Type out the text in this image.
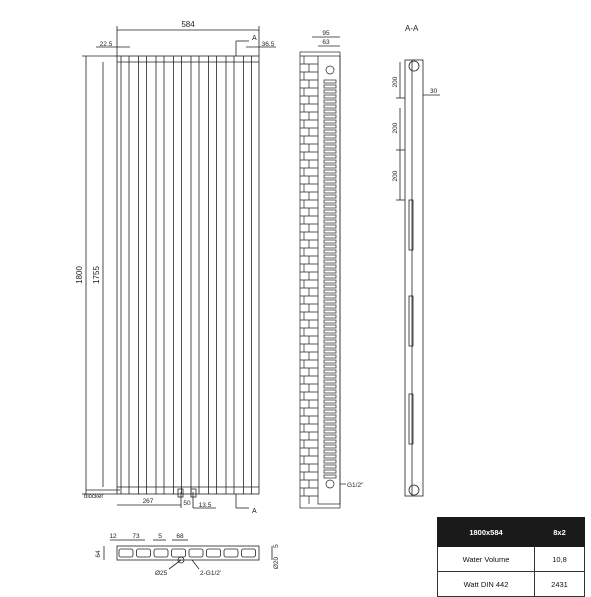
584
22.5	36.5
A
A
1800 1755
267	50 13.5
blocker
95
63
G1/2"
A-A
200
200
200
30
12 73	5 68
64
5
Ø20
Ø25	2-G1/2'
1800x584	8x2
Water Volume	10,8
Watt DIN 442	2431
